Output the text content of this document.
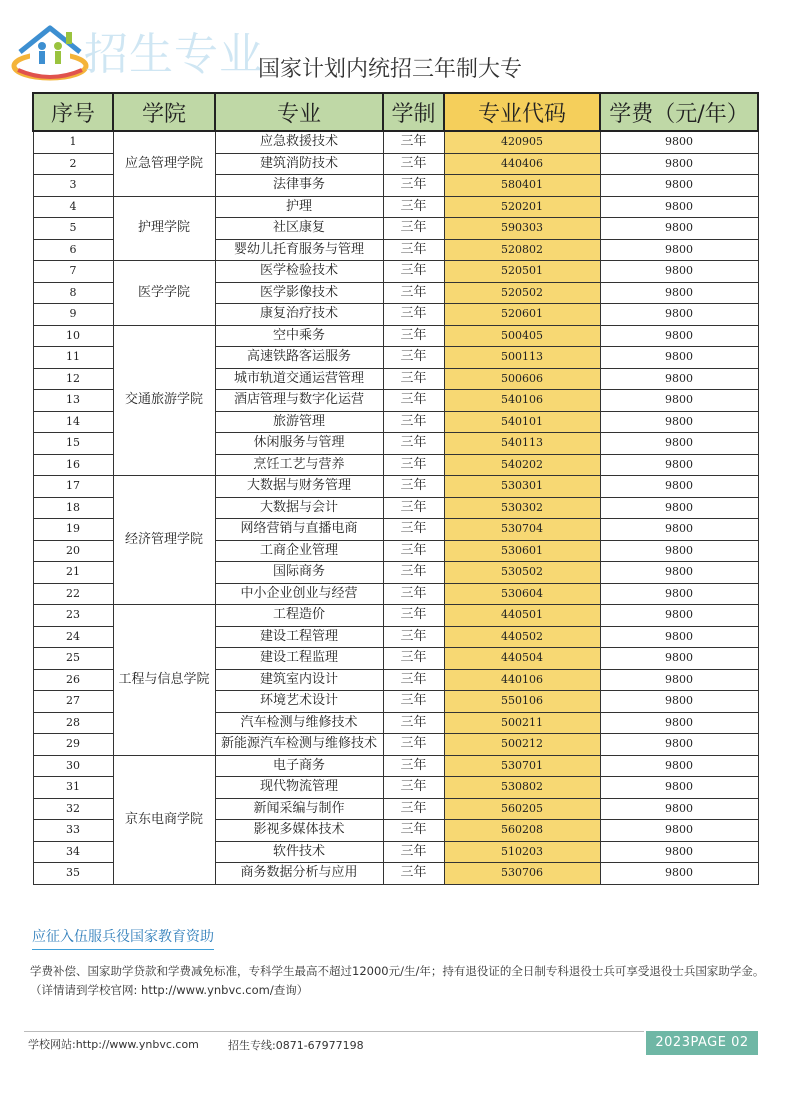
招生专业
国家计划内统招三年制大专
序号	学院	专业	学制	专业代码	学费（元/年）
1	应急管理学院	应急救援技术	三年	420905	9800
2		建筑消防技术	三年	440406	9800
3		法律事务	三年	580401	9800
4	护理学院	护理	三年	520201	9800
5		社区康复	三年	590303	9800
6		婴幼儿托育服务与管理	三年	520802	9800
7	医学学院	医学检验技术	三年	520501	9800
8		医学影像技术	三年	520502	9800
9		康复治疗技术	三年	520601	9800
10	交通旅游学院	空中乘务	三年	500405	9800
11		高速铁路客运服务	三年	500113	9800
12		城市轨道交通运营管理	三年	500606	9800
13		酒店管理与数字化运营	三年	540106	9800
14		旅游管理	三年	540101	9800
15		休闲服务与管理	三年	540113	9800
16		烹饪工艺与营养	三年	540202	9800
17	经济管理学院	大数据与财务管理	三年	530301	9800
18		大数据与会计	三年	530302	9800
19		网络营销与直播电商	三年	530704	9800
20		工商企业管理	三年	530601	9800
21		国际商务	三年	530502	9800
22		中小企业创业与经营	三年	530604	9800
23	工程与信息学院	工程造价	三年	440501	9800
24		建设工程管理	三年	440502	9800
25		建设工程监理	三年	440504	9800
26		建筑室内设计	三年	440106	9800
27		环境艺术设计	三年	550106	9800
28		汽车检测与维修技术	三年	500211	9800
29		新能源汽车检测与维修技术	三年	500212	9800
30	京东电商学院	电子商务	三年	530701	9800
31		现代物流管理	三年	530802	9800
32		新闻采编与制作	三年	560205	9800
33		影视多媒体技术	三年	560208	9800
34		软件技术	三年	510203	9800
35		商务数据分析与应用	三年	530706	9800
应征入伍服兵役国家教育资助
学费补偿、国家助学贷款和学费减免标准，专科学生最高不超过12000元/生/年；持有退役证的全日制专科退役士兵可享受退役士兵国家助学金。（详情请到学校官网: http://www.ynbvc.com/查询）
学校网站:http://www.ynbvc.com	招生专线:0871-67977198	2023PAGE 02
